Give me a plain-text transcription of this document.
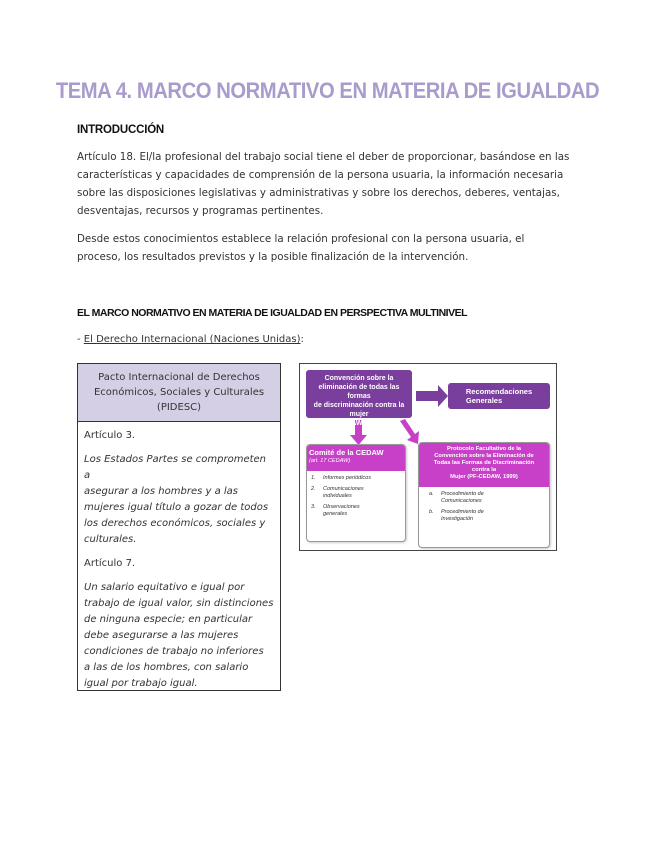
TEMA 4. MARCO NORMATIVO EN MATERIA DE IGUALDAD
INTRODUCCIÓN
Artículo 18. El/la profesional del trabajo social tiene el deber de proporcionar, basándose en las
características y capacidades de comprensión de la persona usuaria, la información necesaria
sobre las disposiciones legislativas y administrativas y sobre los derechos, deberes, ventajas,
desventajas, recursos y programas pertinentes.
Desde estos conocimientos establece la relación profesional con la persona usuaria, el
proceso, los resultados previstos y la posible finalización de la intervención.
EL MARCO NORMATIVO EN MATERIA DE IGUALDAD EN PERSPECTIVA MULTINIVEL
- El Derecho Internacional (Naciones Unidas):
Pacto Internacional de Derechos
Económicos, Sociales y Culturales
(PIDESC)
Artículo 3.
Los Estados Partes se comprometen a
asegurar a los hombres y a las
mujeres igual título a gozar de todos
los derechos económicos, sociales y
culturales.
Artículo 7.
Un salario equitativo e igual por
trabajo de igual valor, sin distinciones
de ninguna especie; en particular
debe asegurarse a las mujeres
condiciones de trabajo no inferiores
a las de los hombres, con salario
igual por trabajo igual.
Convención sobre la
eliminación de todas las formas
de discriminación contra la
mujer
(CEDAW, 1979)
Recomendaciones
Generales
Comité de la CEDAW
(art. 17 CEDAW)
1.	Informes periódicos
2.	Comunicaciones individuales
3.	Observaciones generales
Protocolo Facultativo de la
Convención sobre la Eliminación de
Todas las Formas de Discriminación
contra la
Mujer (PF-CEDAW, 1999)
a.	Procedimiento de Comunicaciones
b.	Procedimiento de Investigación
